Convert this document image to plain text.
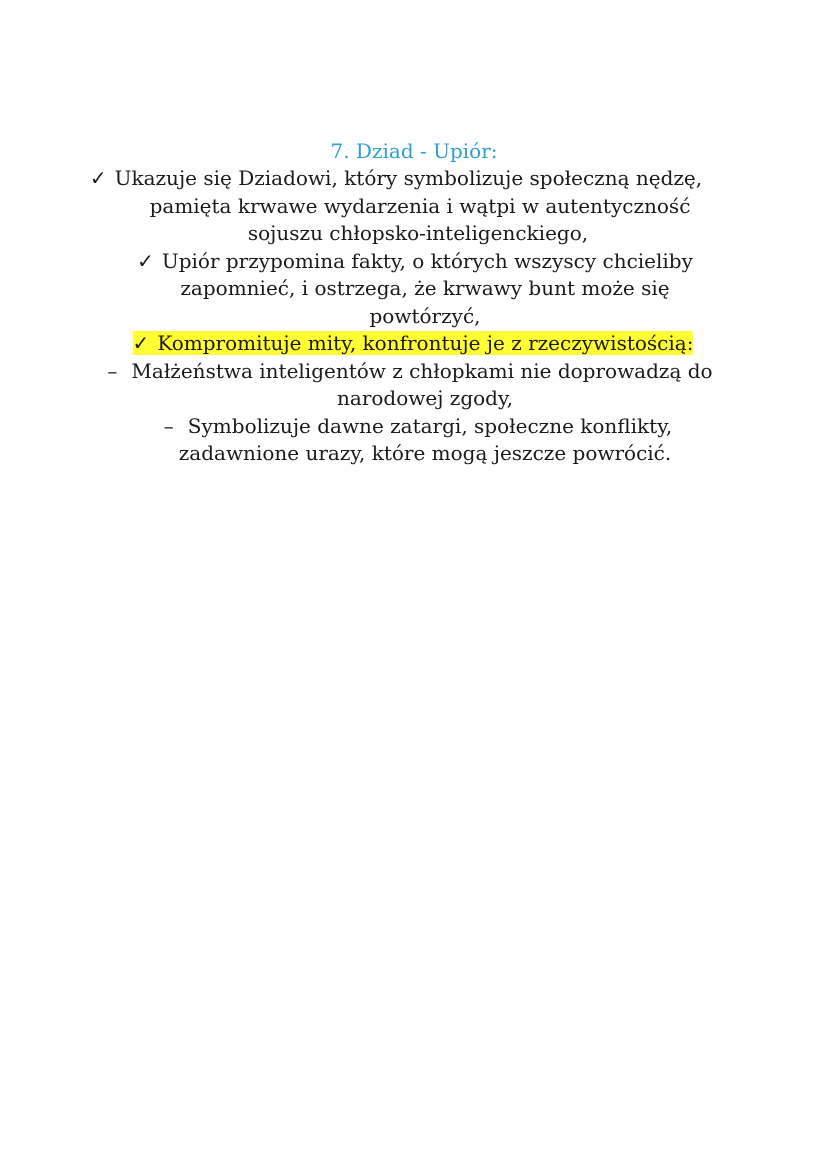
7. Dziad - Upiór:

✓ Ukazuje się Dziadowi, który symbolizuje społeczną nędzę,

pamięta krwawe wydarzenia i wątpi w autentyczność

sojuszu chłopsko-inteligenckiego,

✓ Upiór przypomina fakty, o których wszyscy chcieliby

zapomnieć, i ostrzega, że krwawy bunt może się

powtórzyć,

✓ Kompromituje mity, konfrontuje je z rzeczywistością:

– Małżeństwa inteligentów z chłopkami nie doprowadzą do

narodowej zgody,

– Symbolizuje dawne zatargi, społeczne konflikty,

zadawnione urazy, które mogą jeszcze powrócić.
